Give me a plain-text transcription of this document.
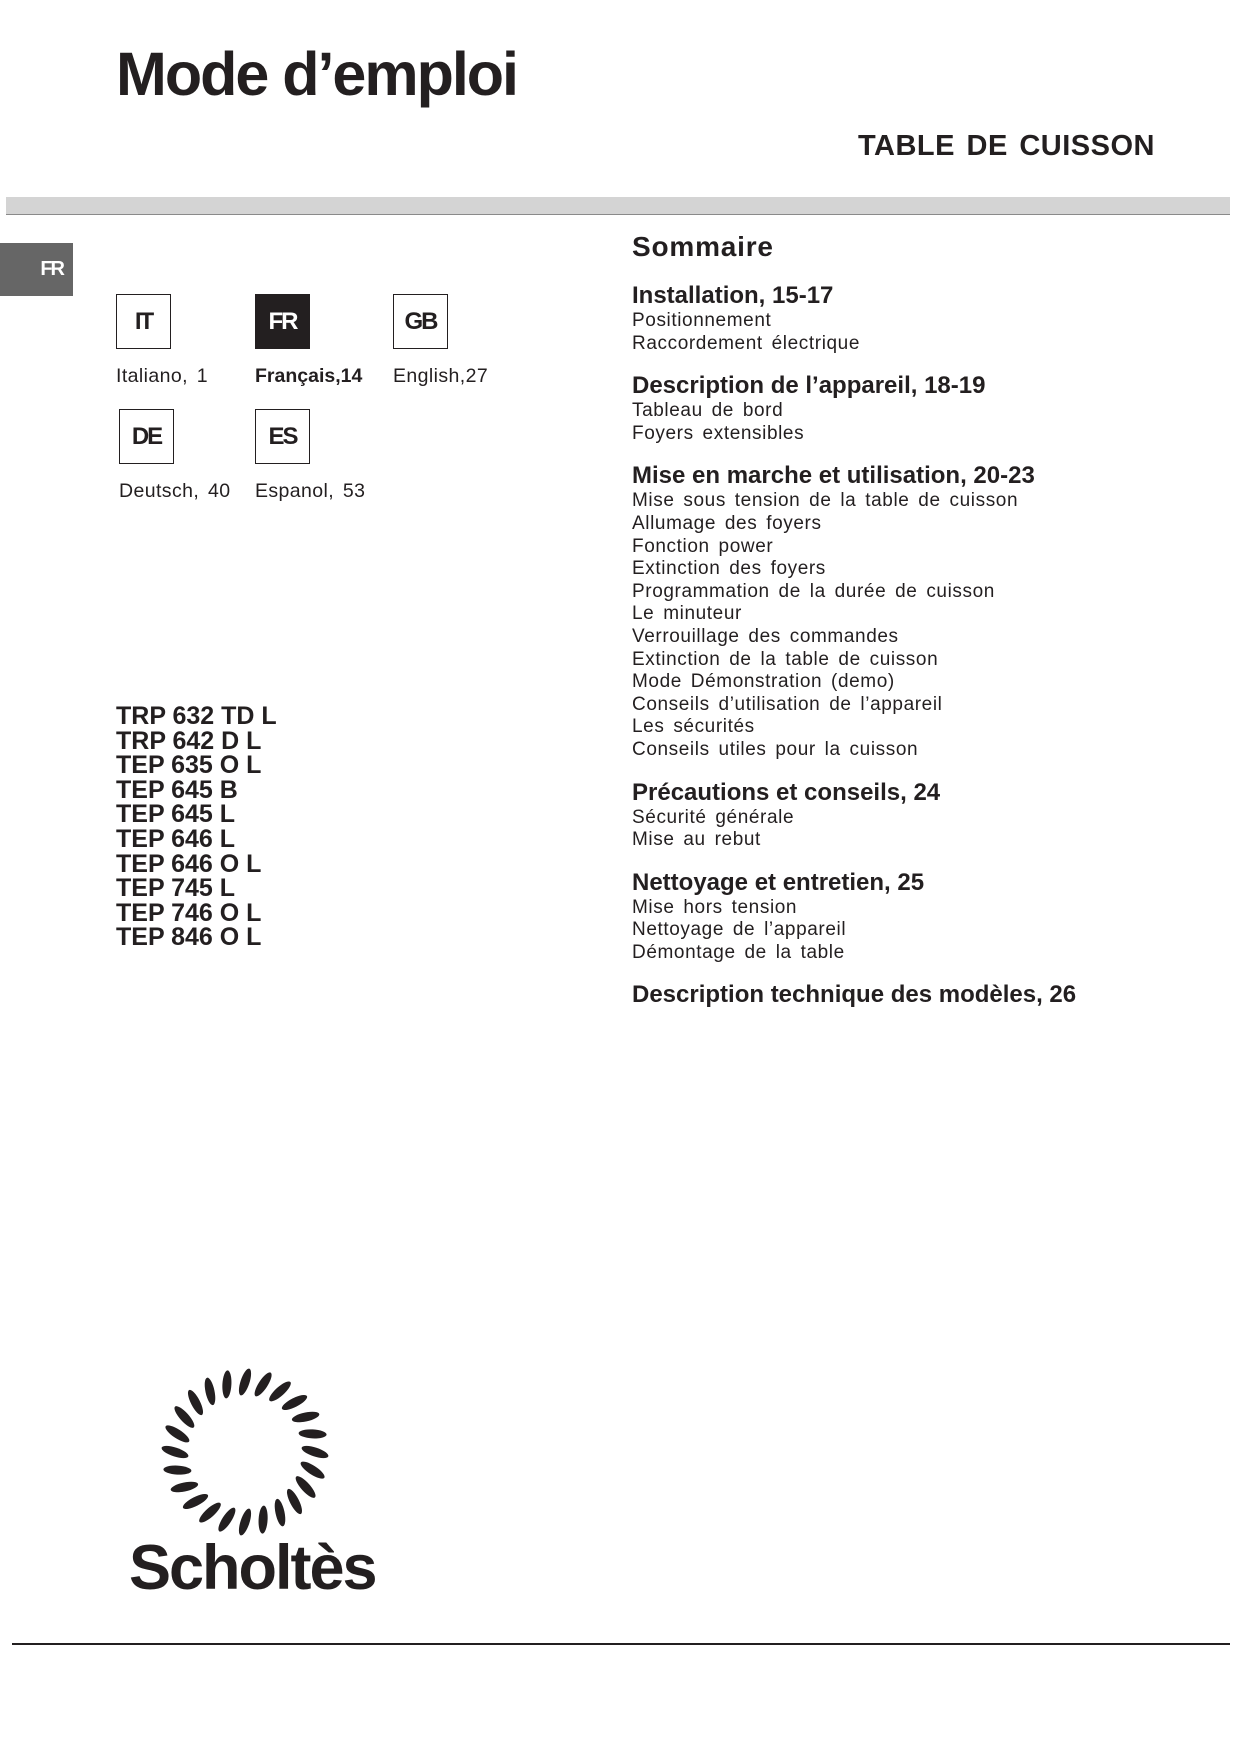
Mode d’emploi
TABLE DE CUISSON
FR
IT
Italiano, 1
FR
Français,14
GB
English,27
DE
Deutsch, 40
ES
Espanol, 53
TRP 632 TD L
TRP 642 D L
TEP 635 O L
TEP 645 B
TEP 645 L
TEP 646 L
TEP 646 O L
TEP 745 L
TEP 746 O L
TEP 846 O L
Sommaire
Installation, 15-17
Positionnement
Raccordement électrique
Description de l’appareil, 18-19
Tableau de bord
Foyers extensibles
Mise en marche et utilisation, 20-23
Mise sous tension de la table de cuisson
Allumage des foyers
Fonction power
Extinction des foyers
Programmation de la durée de cuisson
Le minuteur
Verrouillage des commandes
Extinction de la table de cuisson
Mode Démonstration (demo)
Conseils d’utilisation de l’appareil
Les sécurités
Conseils utiles pour la cuisson
Précautions et conseils, 24
Sécurité générale
Mise au rebut
Nettoyage et entretien, 25
Mise hors tension
Nettoyage de l’appareil
Démontage de la table
Description technique des modèles, 26
Scholtès
